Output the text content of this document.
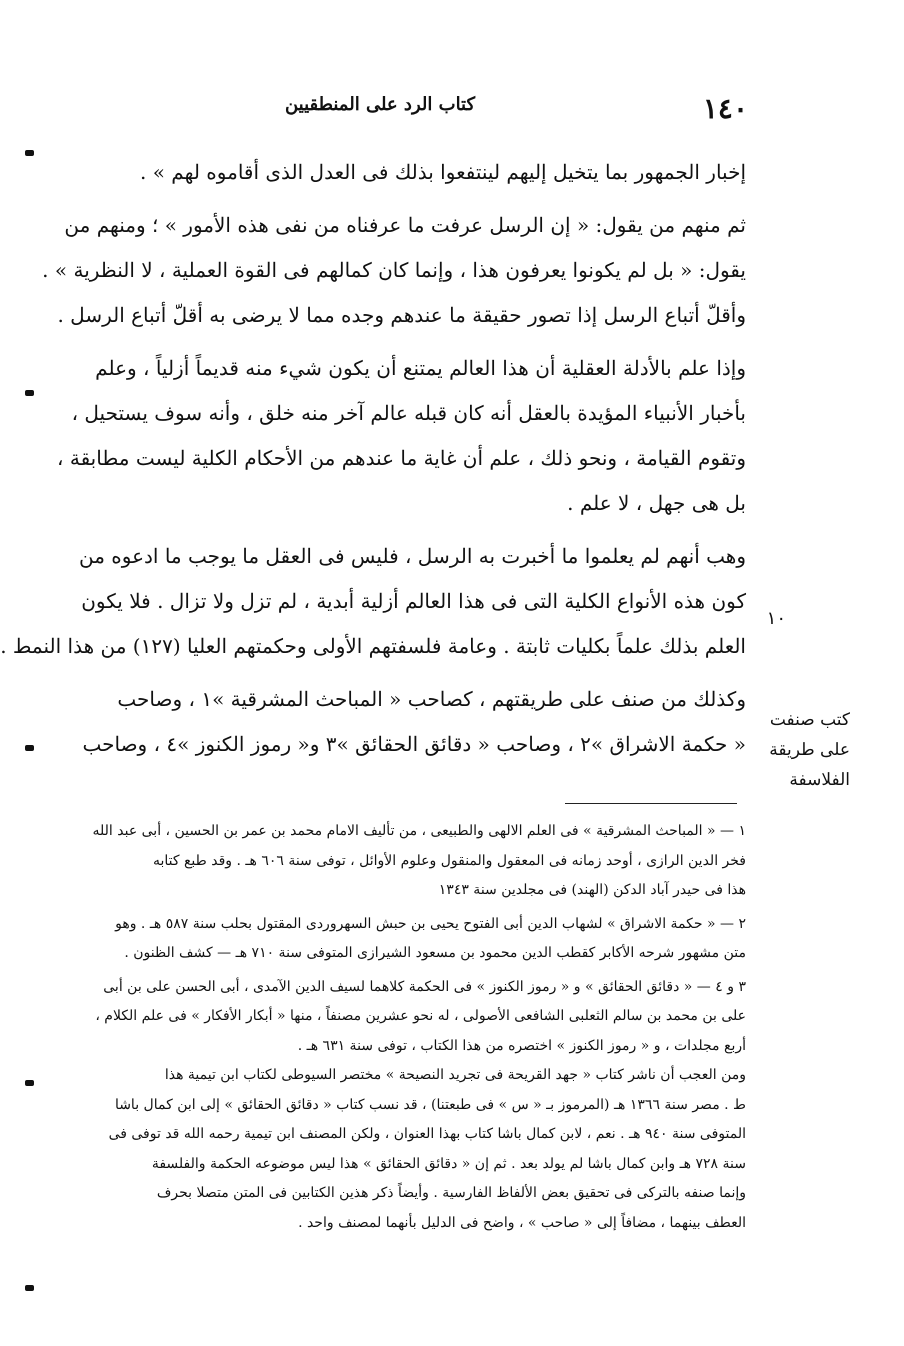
كتاب الرد على المنطقيين	١٤٠
إخبار الجمهور بما يتخيل إليهم لينتفعوا بذلك فى العدل الذى أقاموه لهم » .
ثم منهم من يقول: « إن الرسل عرفت ما عرفناه من نفى هذه الأمور » ؛ ومنهم من
يقول: « بل لم يكونوا يعرفون هذا ، وإنما كان كمالهم فى القوة العملية ، لا النظرية » .
وأقلّ أتباع الرسل إذا تصور حقيقة ما عندهم وجده مما لا يرضى به أقلّ أتباع الرسل .
وإذا علم بالأدلة العقلية أن هذا العالم يمتنع أن يكون شيء منه قديماً أزلياً ، وعلم
بأخبار الأنبياء المؤيدة بالعقل أنه كان قبله عالم آخر منه خلق ، وأنه سوف يستحيل ،
وتقوم القيامة ، ونحو ذلك ، علم أن غاية ما عندهم من الأحكام الكلية ليست مطابقة ،
بل هى جهل ، لا علم .
وهب أنهم لم يعلموا ما أخبرت به الرسل ، فليس فى العقل ما يوجب ما ادعوه من
كون هذه الأنواع الكلية التى فى هذا العالم أزلية أبدية ، لم تزل ولا تزال . فلا يكون
العلم بذلك علماً بكليات ثابتة . وعامة فلسفتهم الأولى وحكمتهم العليا (١٢٧) من هذا النمط .
وكذلك من صنف على طريقتهم ، كصاحب « المباحث المشرقية »١ ، وصاحب
« حكمة الاشراق »٢ ، وصاحب « دقائق الحقائق »٣ و« رموز الكنوز »٤ ، وصاحب
١٠
كتب صنفت
على طريقة
الفلاسفة
١ — « المباحث المشرقية » فى العلم الالهى والطبيعى ، من تأليف الامام محمد بن عمر بن الحسين ، أبى عبد الله
فخر الدين الرازى ، أوحد زمانه فى المعقول والمنقول وعلوم الأوائل ، توفى سنة ٦٠٦ هـ . وقد طبع كتابه
هذا فى حيدر آباد الدكن (الهند) فى مجلدين سنة ١٣٤٣
٢ — « حكمة الاشراق » لشهاب الدين أبى الفتوح يحيى بن حبش السهروردى المقتول بحلب سنة ٥٨٧ هـ . وهو
متن مشهور شرحه الأكابر كقطب الدين محمود بن مسعود الشيرازى المتوفى سنة ٧١٠ هـ — كشف الظنون .
٣ و ٤ — « دقائق الحقائق » و « رموز الكنوز » فى الحكمة كلاهما لسيف الدين الآمدى ، أبى الحسن على بن أبى
على بن محمد بن سالم الثعلبى الشافعى الأصولى ، له نحو عشرين مصنفاً ، منها « أبكار الأفكار » فى علم الكلام ،
أربع مجلدات ، و « رموز الكنوز » اختصره من هذا الكتاب ، توفى سنة ٦٣١ هـ .
ومن العجب أن ناشر كتاب « جهد القريحة فى تجريد النصيحة » مختصر السيوطى لكتاب ابن تيمية هذا
ط . مصر سنة ١٣٦٦ هـ (المرموز بـ « س » فى طبعتنا) ، قد نسب كتاب « دقائق الحقائق » إلى ابن كمال باشا
المتوفى سنة ٩٤٠ هـ . نعم ، لابن كمال باشا كتاب بهذا العنوان ، ولكن المصنف ابن تيمية رحمه الله قد توفى فى
سنة ٧٢٨ هـ وابن كمال باشا لم يولد بعد . ثم إن « دقائق الحقائق » هذا ليس موضوعه الحكمة والفلسفة
وإنما صنفه بالتركى فى تحقيق بعض الألفاظ الفارسية . وأيضاً ذكر هذين الكتابين فى المتن متصلا بحرف
العطف بينهما ، مضافاً إلى « صاحب » ، واضح فى الدليل بأنهما لمصنف واحد .
